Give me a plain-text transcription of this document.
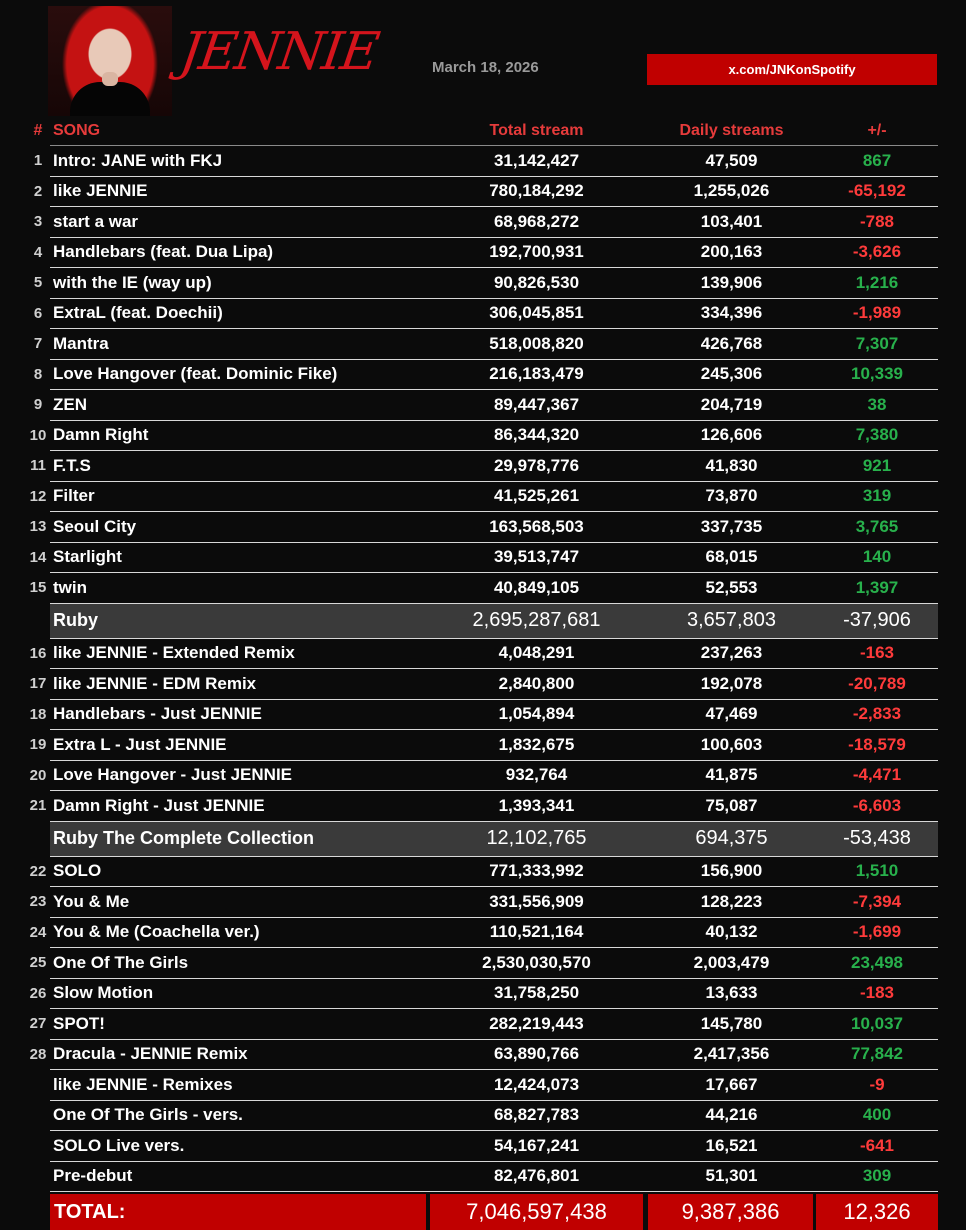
JENNIE	March 18, 2026	x.com/JNKonSpotify
# SONG	Total stream	Daily streams	+/-
1 Intro: JANE with FKJ	31,142,427	47,509	867
2 like JENNIE	780,184,292	1,255,026	-65,192
3 start a war	68,968,272	103,401	-788
4 Handlebars (feat. Dua Lipa)	192,700,931	200,163	-3,626
5 with the IE (way up)	90,826,530	139,906	1,216
6 ExtraL (feat. Doechii)	306,045,851	334,396	-1,989
7 Mantra	518,008,820	426,768	7,307
8 Love Hangover (feat. Dominic Fike)	216,183,479	245,306	10,339
9 ZEN	89,447,367	204,719	38
10 Damn Right	86,344,320	126,606	7,380
11 F.T.S	29,978,776	41,830	921
12 Filter	41,525,261	73,870	319
13 Seoul City	163,568,503	337,735	3,765
14 Starlight	39,513,747	68,015	140
15 twin	40,849,105	52,553	1,397
Ruby	2,695,287,681	3,657,803	-37,906
16 like JENNIE - Extended Remix	4,048,291	237,263	-163
17 like JENNIE - EDM Remix	2,840,800	192,078	-20,789
18 Handlebars - Just JENNIE	1,054,894	47,469	-2,833
19 Extra L - Just JENNIE	1,832,675	100,603	-18,579
20 Love Hangover - Just JENNIE	932,764	41,875	-4,471
21 Damn Right - Just JENNIE	1,393,341	75,087	-6,603
Ruby The Complete Collection	12,102,765	694,375	-53,438
22 SOLO	771,333,992	156,900	1,510
23 You & Me	331,556,909	128,223	-7,394
24 You & Me (Coachella ver.)	110,521,164	40,132	-1,699
25 One Of The Girls	2,530,030,570	2,003,479	23,498
26 Slow Motion	31,758,250	13,633	-183
27 SPOT!	282,219,443	145,780	10,037
28 Dracula - JENNIE Remix	63,890,766	2,417,356	77,842
like JENNIE - Remixes	12,424,073	17,667	-9
One Of The Girls - vers.	68,827,783	44,216	400
SOLO Live vers.	54,167,241	16,521	-641
Pre-debut	82,476,801	51,301	309
TOTAL:	7,046,597,438	9,387,386	12,326
